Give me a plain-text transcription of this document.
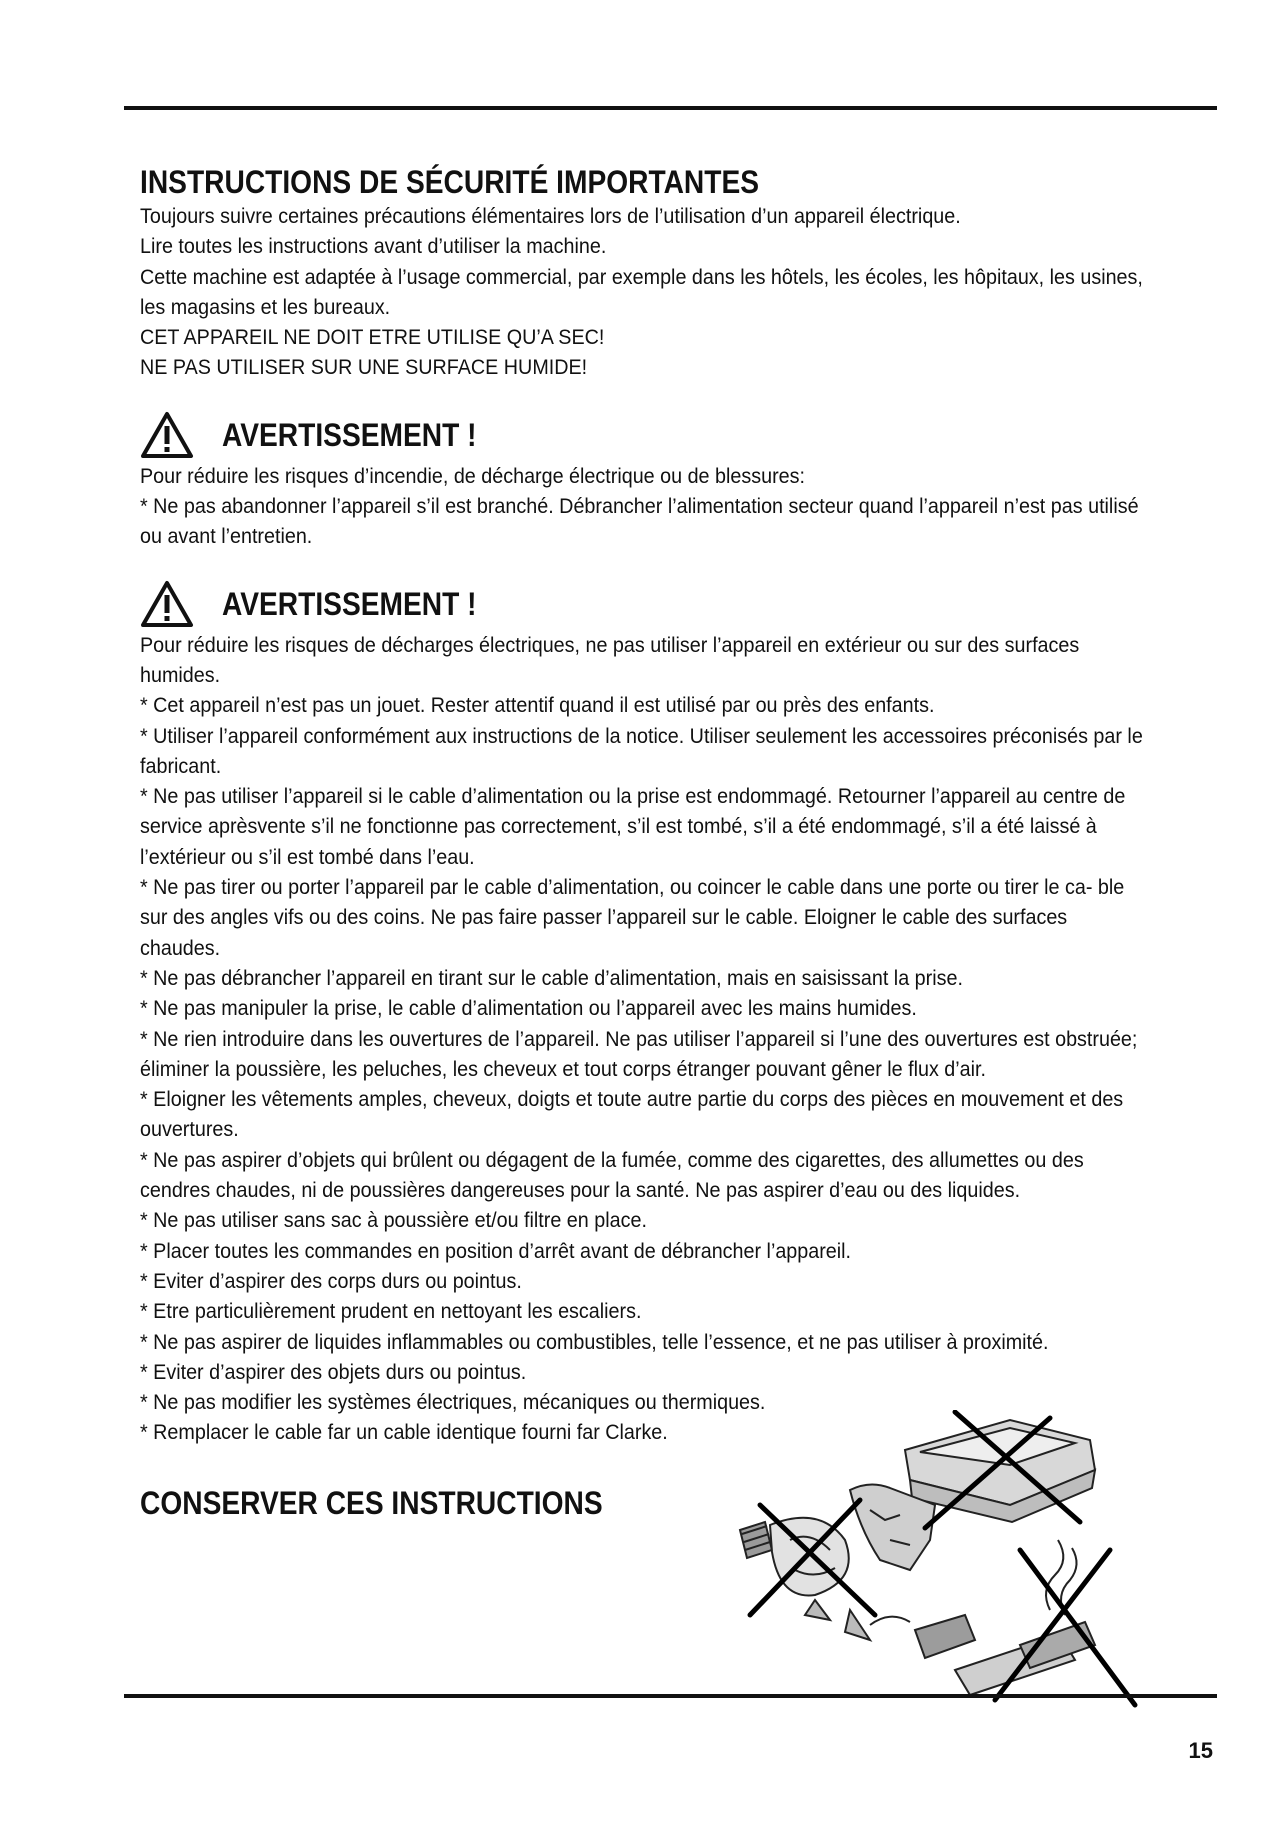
INSTRUCTIONS DE SÉCURITÉ IMPORTANTES

Toujours suivre certaines précautions élémentaires lors de l’utilisation d’un appareil électrique.

Lire toutes les instructions avant d’utiliser la machine.

Cette machine est adaptée à l’usage commercial, par exemple dans les hôtels, les écoles, les hôpitaux, les usines, les magasins et les bureaux.

CET APPAREIL NE DOIT ETRE UTILISE QU’A SEC!

NE PAS UTILISER SUR UNE SURFACE HUMIDE!

AVERTISSEMENT !

Pour réduire les risques d’incendie, de décharge électrique ou de blessures:

* Ne pas abandonner l’appareil s’il est branché. Débrancher l’alimentation secteur quand l’appareil n’est pas utilisé ou avant l’entretien.

AVERTISSEMENT !

Pour réduire les risques de décharges électriques, ne pas utiliser l’appareil en extérieur ou sur des surfaces humides.

* Cet appareil n’est pas un jouet. Rester attentif quand il est utilisé par ou près des enfants.

* Utiliser l’appareil conformément aux instructions de la notice. Utiliser seulement les accessoires préconisés par le fabricant.

* Ne pas utiliser l’appareil si le cable d’alimentation ou la prise est endommagé. Retourner l’appareil au centre de service aprèsvente s’il ne fonctionne pas correctement, s’il est tombé, s’il a été endommagé, s’il a été laissé à l’extérieur ou s’il est tombé dans l’eau.

* Ne pas tirer ou porter l’appareil par le cable d’alimentation, ou coincer le cable dans une porte ou tirer le ca- ble sur des angles vifs ou des coins. Ne pas faire passer l’appareil sur le cable. Eloigner le cable des surfaces chaudes.

* Ne pas débrancher l’appareil en tirant sur le cable d’alimentation, mais en saisissant la prise.

* Ne pas manipuler la prise, le cable d’alimentation ou l’appareil avec les mains humides.

* Ne rien introduire dans les ouvertures de l’appareil. Ne pas utiliser l’appareil si l’une des ouvertures est obstruée; éliminer la poussière, les peluches, les cheveux et tout corps étranger pouvant gêner le flux d’air.

* Eloigner les vêtements amples, cheveux, doigts et toute autre partie du corps des pièces en mouvement et des ouvertures.

* Ne pas aspirer d’objets qui brûlent ou dégagent de la fumée, comme des cigarettes, des allumettes ou des cendres chaudes, ni de poussières dangereuses pour la santé. Ne pas aspirer d’eau ou des liquides.

* Ne pas utiliser sans sac à poussière et/ou filtre en place.

* Placer toutes les commandes en position d’arrêt avant de débrancher l’appareil.

* Eviter d’aspirer des corps durs ou pointus.

* Etre particulièrement prudent en nettoyant les escaliers.

* Ne pas aspirer de liquides inflammables ou combustibles, telle l’essence, et ne pas utiliser à proximité.

* Eviter d’aspirer des objets durs ou pointus.

* Ne pas modifier les systèmes électriques, mécaniques ou thermiques.

* Remplacer le cable far un cable identique fourni far Clarke.

CONSERVER CES INSTRUCTIONS
15
